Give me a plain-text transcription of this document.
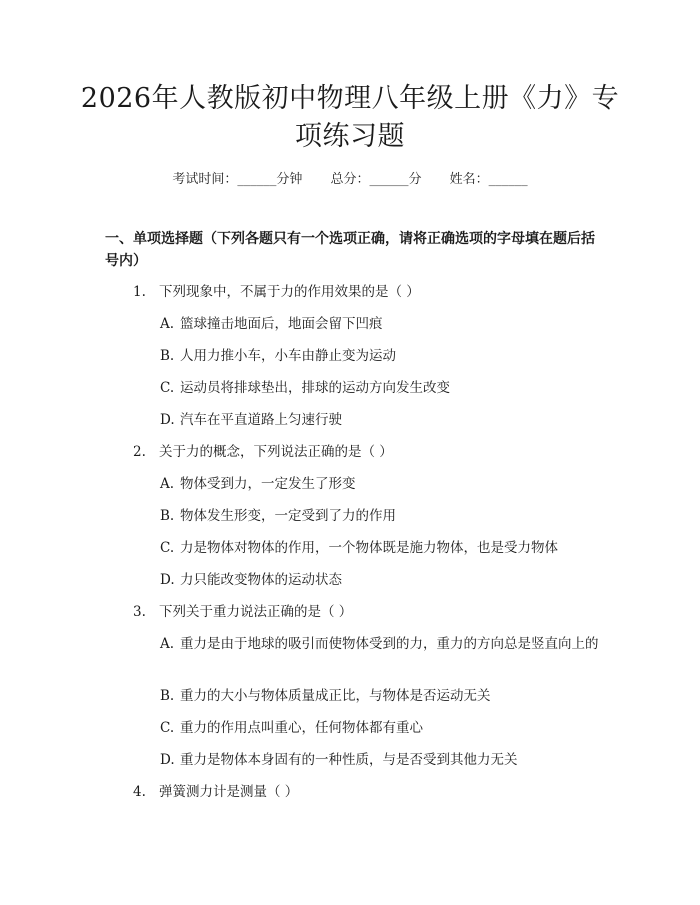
2026年人教版初中物理八年级上册《力》专项练习题
考试时间：______分钟 总分：______分 姓名：______
一、单项选择题（下列各题只有一个选项正确，请将正确选项的字母填在题后括号内）
1. 下列现象中，不属于力的作用效果的是（ ）
A. 篮球撞击地面后，地面会留下凹痕
B. 人用力推小车，小车由静止变为运动
C. 运动员将排球垫出，排球的运动方向发生改变
D. 汽车在平直道路上匀速行驶
2. 关于力的概念，下列说法正确的是（ ）
A. 物体受到力，一定发生了形变
B. 物体发生形变，一定受到了力的作用
C. 力是物体对物体的作用，一个物体既是施力物体，也是受力物体
D. 力只能改变物体的运动状态
3. 下列关于重力说法正确的是（ ）
A. 重力是由于地球的吸引而使物体受到的力，重力的方向总是竖直向上的
B. 重力的大小与物体质量成正比，与物体是否运动无关
C. 重力的作用点叫重心，任何物体都有重心
D. 重力是物体本身固有的一种性质，与是否受到其他力无关
4. 弹簧测力计是测量（ ）
